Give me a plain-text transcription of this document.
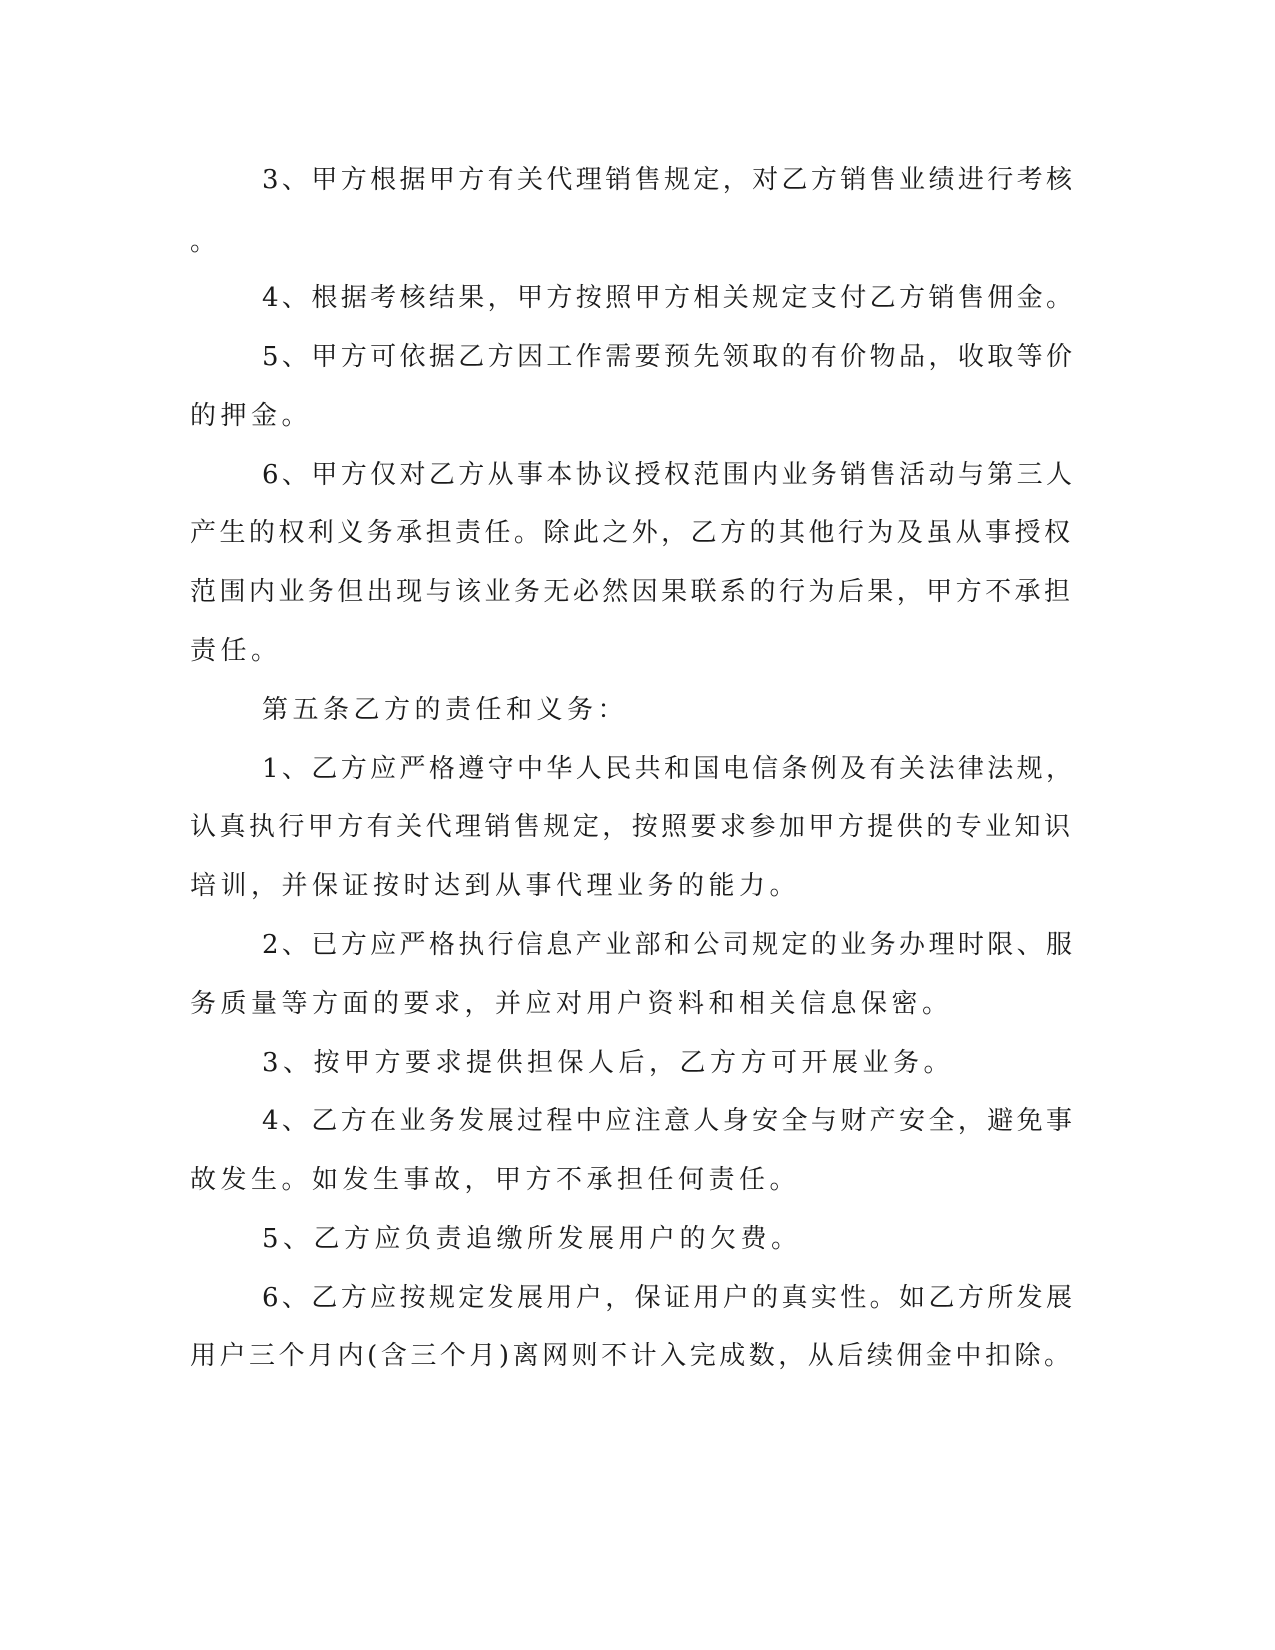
3、甲方根据甲方有关代理销售规定，对乙方销售业绩进行考核
。
4、根据考核结果，甲方按照甲方相关规定支付乙方销售佣金。
5、甲方可依据乙方因工作需要预先领取的有价物品，收取等价
的押金。
6、甲方仅对乙方从事本协议授权范围内业务销售活动与第三人
产生的权利义务承担责任。除此之外，乙方的其他行为及虽从事授权
范围内业务但出现与该业务无必然因果联系的行为后果，甲方不承担
责任。
第五条乙方的责任和义务：
1、乙方应严格遵守中华人民共和国电信条例及有关法律法规，
认真执行甲方有关代理销售规定，按照要求参加甲方提供的专业知识
培训，并保证按时达到从事代理业务的能力。
2、已方应严格执行信息产业部和公司规定的业务办理时限、服
务质量等方面的要求，并应对用户资料和相关信息保密。
3、按甲方要求提供担保人后，乙方方可开展业务。
4、乙方在业务发展过程中应注意人身安全与财产安全，避免事
故发生。如发生事故，甲方不承担任何责任。
5、乙方应负责追缴所发展用户的欠费。
6、乙方应按规定发展用户，保证用户的真实性。如乙方所发展
用户三个月内(含三个月)离网则不计入完成数，从后续佣金中扣除。
